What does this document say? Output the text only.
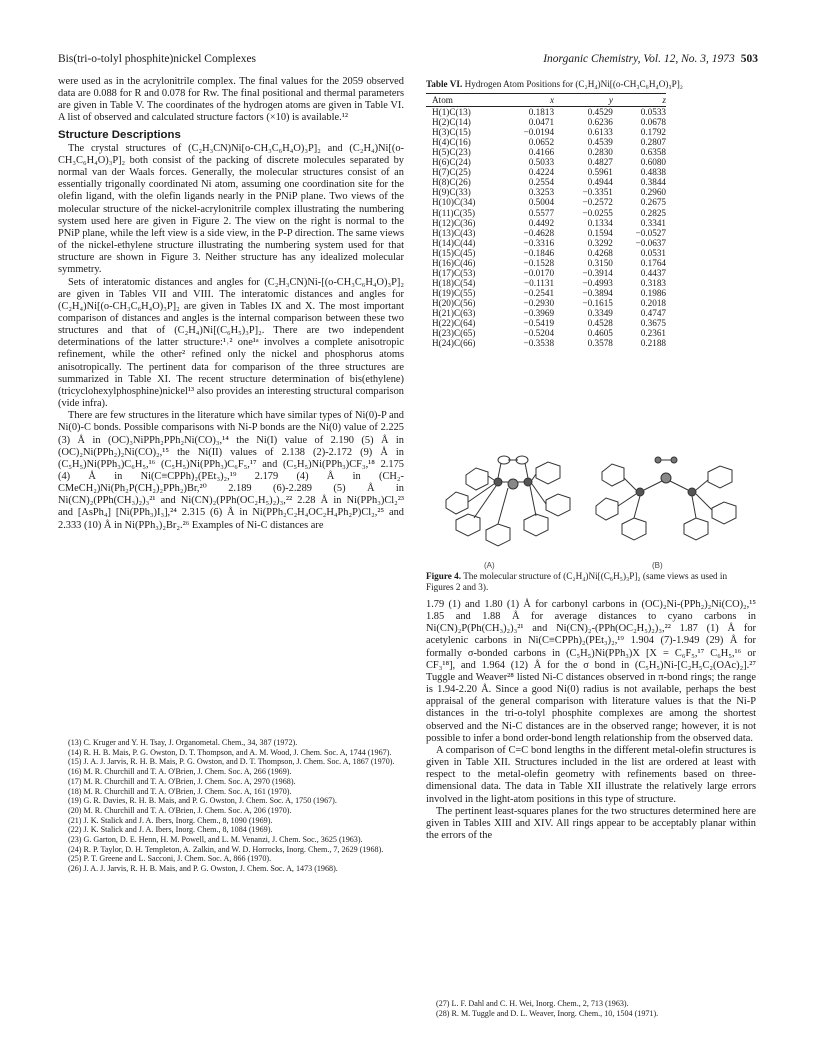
Bis(tri-o-tolyl phosphite)nickel Complexes	Inorganic Chemistry, Vol. 12, No. 3, 1973 503

were used as in the acrylonitrile complex. The final values for the 2059 observed data are 0.088 for R and 0.078 for Rw. The final positional and thermal parameters are given in Table V. The coordinates of the hydrogen atoms are given in Table VI. A list of observed and calculated structure factors (×10) is available.¹²

Structure Descriptions

The crystal structures of (C₂H₃CN)Ni[o-CH₃C₆H₄O)₃P]₂ and (C₂H₄)Ni[(o-CH₃C₆H₄O)₃P]₂ both consist of the packing of discrete molecules separated by normal van der Waals forces. Generally, the molecular structures consist of an essentially trigonally coordinated Ni atom, assuming one coordination site for the olefin ligand, with the olefin ligands nearly in the PNiP plane. Two views of the molecular structure of the nickel-acrylonitrile complex illustrating the numbering system used here are given in Figure 2. The view on the right is normal to the PNiP plane, while the left view is a side view, in the P-P direction. The same views of the nickel-ethylene structure illustrating the numbering system used for that structure are shown in Figure 3. Neither structure has any idealized molecular symmetry.

Sets of interatomic distances and angles for (C₂H₃CN)Ni-[(o-CH₃C₆H₄O)₃P]₂ are given in Tables VII and VIII. The interatomic distances and angles for (C₂H₄)Ni[(o-CH₃C₆H₄O)₃P]₂ are given in Tables IX and X. The most important comparison of distances and angles is the internal comparison between these two structures and that of (C₂H₄)Ni[(C₆H₅)₃P]₂. There are two independent determinations of the latter structure:¹˒² one¹ᵃ involves a complete anisotropic refinement, while the other² refined only the nickel and phosphorus atoms anisotropically. The pertinent data for comparison of the three structures are summarized in Table XI. The recent structure determination of bis(ethylene)(tricyclohexylphosphine)nickel¹³ also provides an interesting structural comparison (vide infra).

There are few structures in the literature which have similar types of Ni(0)-P and Ni(0)-C bonds. Possible comparisons with Ni-P bonds are the Ni(0) value of 2.225 (3) Å in (OC)₃NiPPh₂PPh₂Ni(CO)₃,¹⁴ the Ni(I) value of 2.190 (5) Å in (OC)₂Ni(PPh₂)₂Ni(CO)₂,¹⁵ the Ni(II) values of 2.138 (2)-2.172 (9) Å in (C₅H₅)Ni(PPh₃)C₆H₅,¹⁶ (C₅H₅)Ni(PPh₃)C₆F₅,¹⁷ and (C₅H₅)Ni(PPh₃)CF₃,¹⁸ 2.175 (4) Å in Ni(C≡CPPh)₂(PEt₃)₂,¹⁹ 2.179 (4) Å in (CH₂-CMeCH₂)Ni(Ph₂P(CH₂)₂PPh₂)Br,²⁰ 2.189 (6)-2.289 (5) Å in Ni(CN)₂(PPh(CH₃)₂)₃²¹ and Ni(CN)₂(PPh(OC₂H₅)₂)₃,²² 2.28 Å in Ni(PPh₃)Cl₂²³ and [AsPh₄] [Ni(PPh₃)I₃],²⁴ 2.315 (6) Å in Ni(PPh₂C₂H₄OC₂H₄Ph₂P)Cl₂,²⁵ and 2.333 (10) Å in Ni(PPh₃)₂Br₂.²⁶ Examples of Ni-C distances are

(13) C. Kruger and Y. H. Tsay, J. Organometal. Chem., 34, 387 (1972).

(14) R. H. B. Mais, P. G. Owston, D. T. Thompson, and A. M. Wood, J. Chem. Soc. A, 1744 (1967).

(15) J. A. J. Jarvis, R. H. B. Mais, P. G. Owston, and D. T. Thompson, J. Chem. Soc. A, 1867 (1970).

(16) M. R. Churchill and T. A. O'Brien, J. Chem. Soc. A, 266 (1969).

(17) M. R. Churchill and T. A. O'Brien, J. Chem. Soc. A, 2970 (1968).

(18) M. R. Churchill and T. A. O'Brien, J. Chem. Soc. A, 161 (1970).

(19) G. R. Davies, R. H. B. Mais, and P. G. Owston, J. Chem. Soc. A, 1750 (1967).

(20) M. R. Churchill and T. A. O'Brien, J. Chem. Soc. A, 206 (1970).

(21) J. K. Stalick and J. A. Ibers, Inorg. Chem., 8, 1090 (1969).

(22) J. K. Stalick and J. A. Ibers, Inorg. Chem., 8, 1084 (1969).

(23) G. Garton, D. E. Henn, H. M. Powell, and L. M. Venanzi, J. Chem. Soc., 3625 (1963).

(24) R. P. Taylor, D. H. Templeton, A. Zalkin, and W. D. Horrocks, Inorg. Chem., 7, 2629 (1968).

(25) P. T. Greene and L. Sacconi, J. Chem. Soc. A, 866 (1970).

(26) J. A. J. Jarvis, R. H. B. Mais, and P. G. Owston, J. Chem. Soc. A, 1473 (1968).

Table VI. Hydrogen Atom Positions for (C₂H₄)Ni[(o-CH₃C₆H₄O)₃P]₂
Atom	x	y	z
H(1)C(13)	0.1813	0.4529	0.0533
H(2)C(14)	0.0471	0.6236	0.0678
H(3)C(15)	−0.0194	0.6133	0.1792
H(4)C(16)	0.0652	0.4539	0.2807
H(5)C(23)	0.4166	0.2830	0.6358
H(6)C(24)	0.5033	0.4827	0.6080
H(7)C(25)	0.4224	0.5961	0.4838
H(8)C(26)	0.2554	0.4944	0.3844
H(9)C(33)	0.3253	−0.3351	0.2960
H(10)C(34)	0.5004	−0.2572	0.2675
H(11)C(35)	0.5577	−0.0255	0.2825
H(12)C(36)	0.4492	0.1334	0.3341
H(13)C(43)	−0.4628	0.1594	−0.0527
H(14)C(44)	−0.3316	0.3292	−0.0637
H(15)C(45)	−0.1846	0.4268	0.0531
H(16)C(46)	−0.1528	0.3150	0.1764
H(17)C(53)	−0.0170	−0.3914	0.4437
H(18)C(54)	−0.1131	−0.4993	0.3183
H(19)C(55)	−0.2541	−0.3894	0.1986
H(20)C(56)	−0.2930	−0.1615	0.2018
H(21)C(63)	−0.3969	0.3349	0.4747
H(22)C(64)	−0.5419	0.4528	0.3675
H(23)C(65)	−0.5204	0.4605	0.2361
H(24)C(66)	−0.3538	0.3578	0.2188
(A)	(B)
Figure 4. The molecular structure of (C₂H₄)Ni[(C₆H₅)₃P]₂ (same views as used in Figures 2 and 3).

1.79 (1) and 1.80 (1) Å for carbonyl carbons in (OC)₂Ni-(PPh₂)₂Ni(CO)₂,¹⁵ 1.85 and 1.88 Å for average distances to cyano carbons in Ni(CN)₂P(Ph(CH₃)₂)₃²¹ and Ni(CN)₂-(PPh(OC₂H₅)₂)₃,²² 1.87 (1) Å for acetylenic carbons in Ni(C≡CPPh)₂(PEt₃)₂,¹⁹ 1.904 (7)-1.949 (29) Å for formally σ-bonded carbons in (C₅H₅)Ni(PPh₃)X [X = C₆F₅,¹⁷ C₆H₅,¹⁶ or CF₃¹⁸], and 1.964 (12) Å for the σ bond in (C₅H₅)Ni-[C₂H₅C₂(OAc)₂].²⁷ Tuggle and Weaver²⁸ listed Ni-C distances observed in π-bond rings; the range is 1.94-2.20 Å. Since a good Ni(0) radius is not available, perhaps the best appraisal of the general comparison with literature values is that the Ni-P distances in the tri-o-tolyl phosphite complexes are among the shortest observed and the Ni-C distances are in the observed range; however, it is not possible to infer a bond order-bond length relationship from the observed data.

A comparison of C=C bond lengths in the different metal-olefin structures is given in Table XII. Structures included in the list are ordered at least with respect to the metal-olefin geometry with refinements based on three-dimensional data. The data in Table XII illustrate the relatively large errors involved in the light-atom positions in this type of structure.

The pertinent least-squares planes for the two structures determined here are given in Tables XIII and XIV. All rings appear to be acceptably planar within the errors of the

(27) L. F. Dahl and C. H. Wei, Inorg. Chem., 2, 713 (1963).

(28) R. M. Tuggle and D. L. Weaver, Inorg. Chem., 10, 1504 (1971).
